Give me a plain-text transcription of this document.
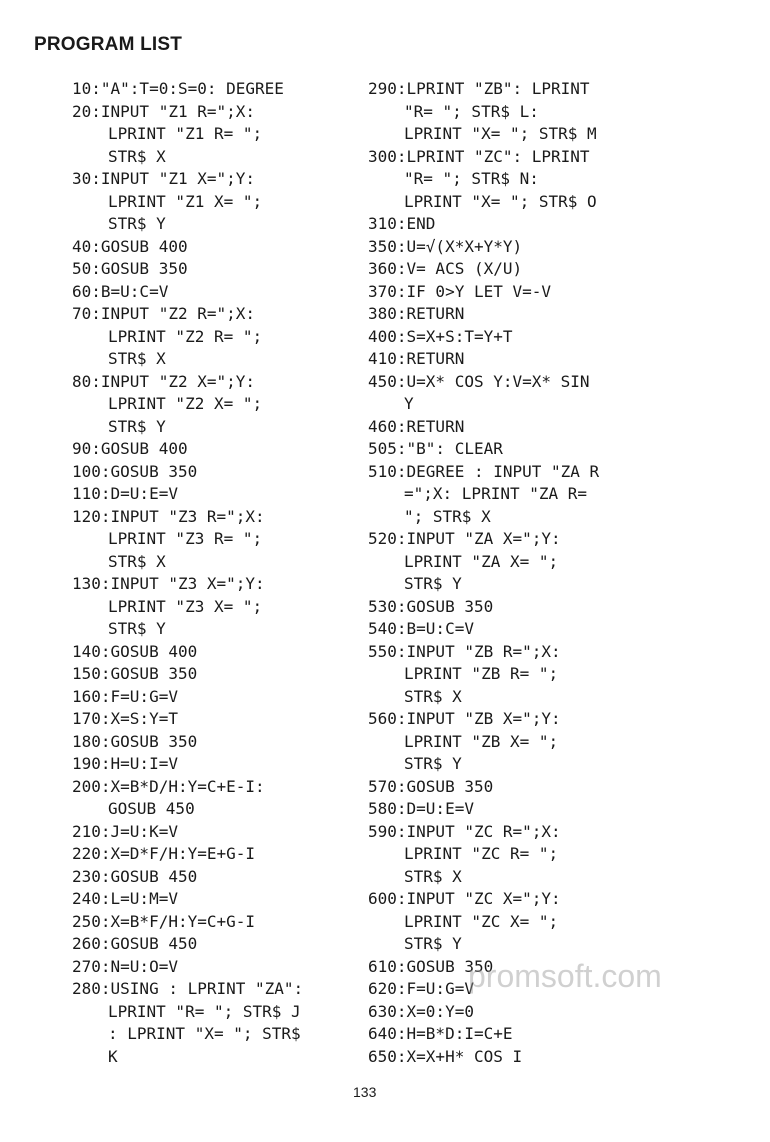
PROGRAM LIST
10:"A":T=0:S=0: DEGREE
20:INPUT "Z1 R=";X:
LPRINT "Z1 R= ";
STR$ X
30:INPUT "Z1 X=";Y:
LPRINT "Z1 X= ";
STR$ Y
40:GOSUB 400
50:GOSUB 350
60:B=U:C=V
70:INPUT "Z2 R=";X:
LPRINT "Z2 R= ";
STR$ X
80:INPUT "Z2 X=";Y:
LPRINT "Z2 X= ";
STR$ Y
90:GOSUB 400
100:GOSUB 350
110:D=U:E=V
120:INPUT "Z3 R=";X:
LPRINT "Z3 R= ";
STR$ X
130:INPUT "Z3 X=";Y:
LPRINT "Z3 X= ";
STR$ Y
140:GOSUB 400
150:GOSUB 350
160:F=U:G=V
170:X=S:Y=T
180:GOSUB 350
190:H=U:I=V
200:X=B*D/H:Y=C+E-I:
GOSUB 450
210:J=U:K=V
220:X=D*F/H:Y=E+G-I
230:GOSUB 450
240:L=U:M=V
250:X=B*F/H:Y=C+G-I
260:GOSUB 450
270:N=U:O=V
280:USING : LPRINT "ZA":
LPRINT "R= "; STR$ J
: LPRINT "X= "; STR$
K
290:LPRINT "ZB": LPRINT
"R= "; STR$ L:
LPRINT "X= "; STR$ M
300:LPRINT "ZC": LPRINT
"R= "; STR$ N:
LPRINT "X= "; STR$ O
310:END
350:U=√(X*X+Y*Y)
360:V= ACS (X/U)
370:IF 0>Y LET V=-V
380:RETURN
400:S=X+S:T=Y+T
410:RETURN
450:U=X* COS Y:V=X* SIN
Y
460:RETURN
505:"B": CLEAR
510:DEGREE : INPUT "ZA R
=";X: LPRINT "ZA R=
"; STR$ X
520:INPUT "ZA X=";Y:
LPRINT "ZA X= ";
STR$ Y
530:GOSUB 350
540:B=U:C=V
550:INPUT "ZB R=";X:
LPRINT "ZB R= ";
STR$ X
560:INPUT "ZB X=";Y:
LPRINT "ZB X= ";
STR$ Y
570:GOSUB 350
580:D=U:E=V
590:INPUT "ZC R=";X:
LPRINT "ZC R= ";
STR$ X
600:INPUT "ZC X=";Y:
LPRINT "ZC X= ";
STR$ Y
610:GOSUB 350
620:F=U:G=V
630:X=0:Y=0
640:H=B*D:I=C+E
650:X=X+H* COS I
promsoft.com
133
